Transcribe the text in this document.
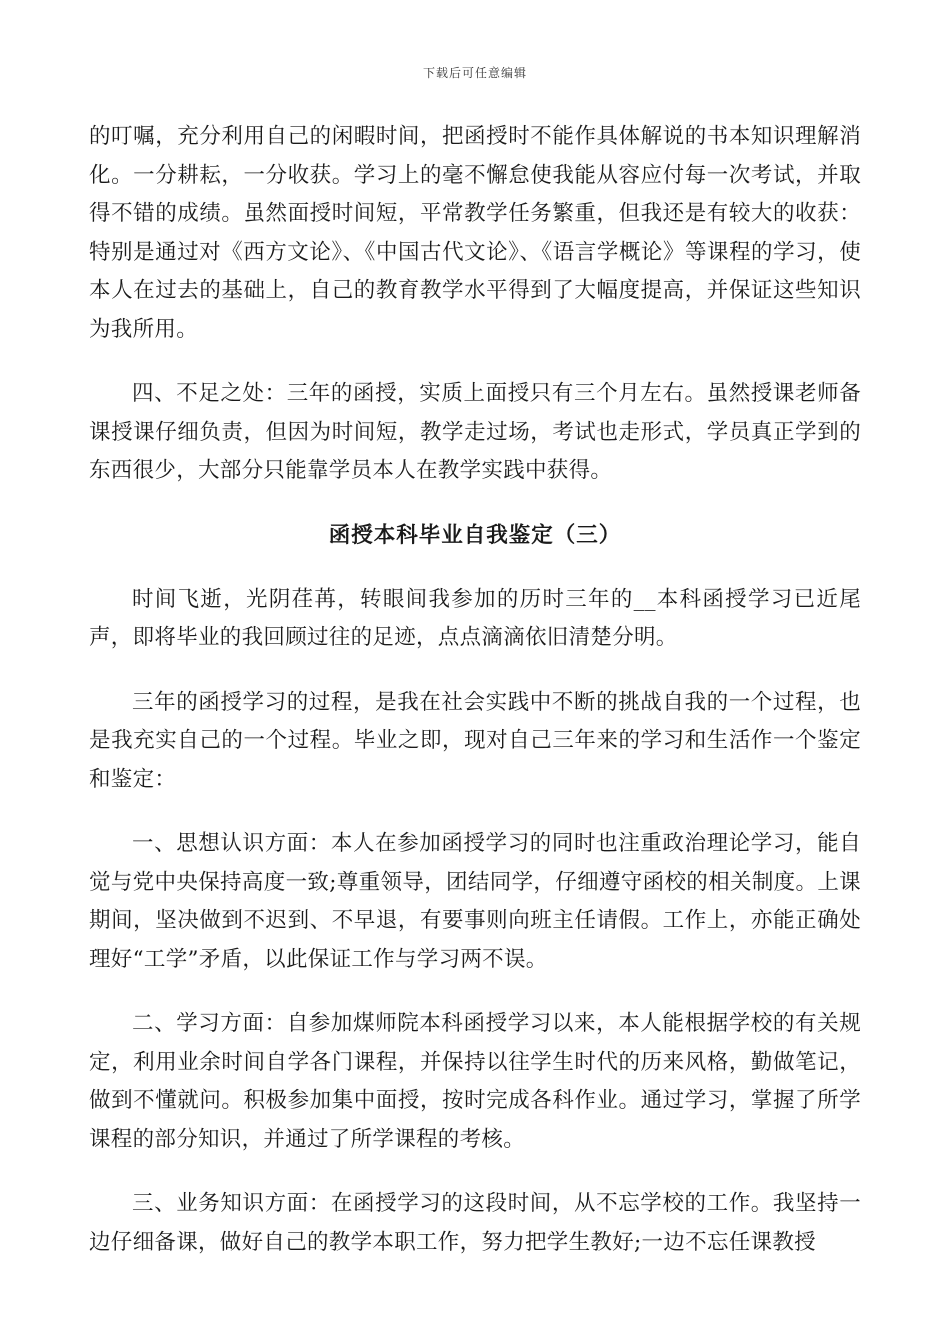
下载后可任意编辑

的叮嘱，充分利用自己的闲暇时间，把函授时不能作具体解说的书本知识理解消化。一分耕耘，一分收获。学习上的毫不懈怠使我能从容应付每一次考试，并取得不错的成绩。虽然面授时间短，平常教学任务繁重，但我还是有较大的收获：特别是通过对《西方文论》、《中国古代文论》、《语言学概论》等课程的学习，使本人在过去的基础上，自己的教育教学水平得到了大幅度提高，并保证这些知识为我所用。

四、不足之处：三年的函授，实质上面授只有三个月左右。虽然授课老师备课授课仔细负责，但因为时间短，教学走过场，考试也走形式，学员真正学到的东西很少，大部分只能靠学员本人在教学实践中获得。

函授本科毕业自我鉴定（三）

时间飞逝，光阴荏苒，转眼间我参加的历时三年的__本科函授学习已近尾声，即将毕业的我回顾过往的足迹，点点滴滴依旧清楚分明。

三年的函授学习的过程，是我在社会实践中不断的挑战自我的一个过程，也是我充实自己的一个过程。毕业之即，现对自己三年来的学习和生活作一个鉴定和鉴定：

一、思想认识方面：本人在参加函授学习的同时也注重政治理论学习，能自觉与党中央保持高度一致;尊重领导，团结同学，仔细遵守函校的相关制度。上课期间，坚决做到不迟到、不早退，有要事则向班主任请假。工作上，亦能正确处理好“工学”矛盾，以此保证工作与学习两不误。

二、学习方面：自参加煤师院本科函授学习以来，本人能根据学校的有关规定，利用业余时间自学各门课程，并保持以往学生时代的历来风格，勤做笔记，做到不懂就问。积极参加集中面授，按时完成各科作业。通过学习，掌握了所学课程的部分知识，并通过了所学课程的考核。

三、业务知识方面：在函授学习的这段时间，从不忘学校的工作。我坚持一边仔细备课，做好自己的教学本职工作，努力把学生教好;一边不忘任课教授
